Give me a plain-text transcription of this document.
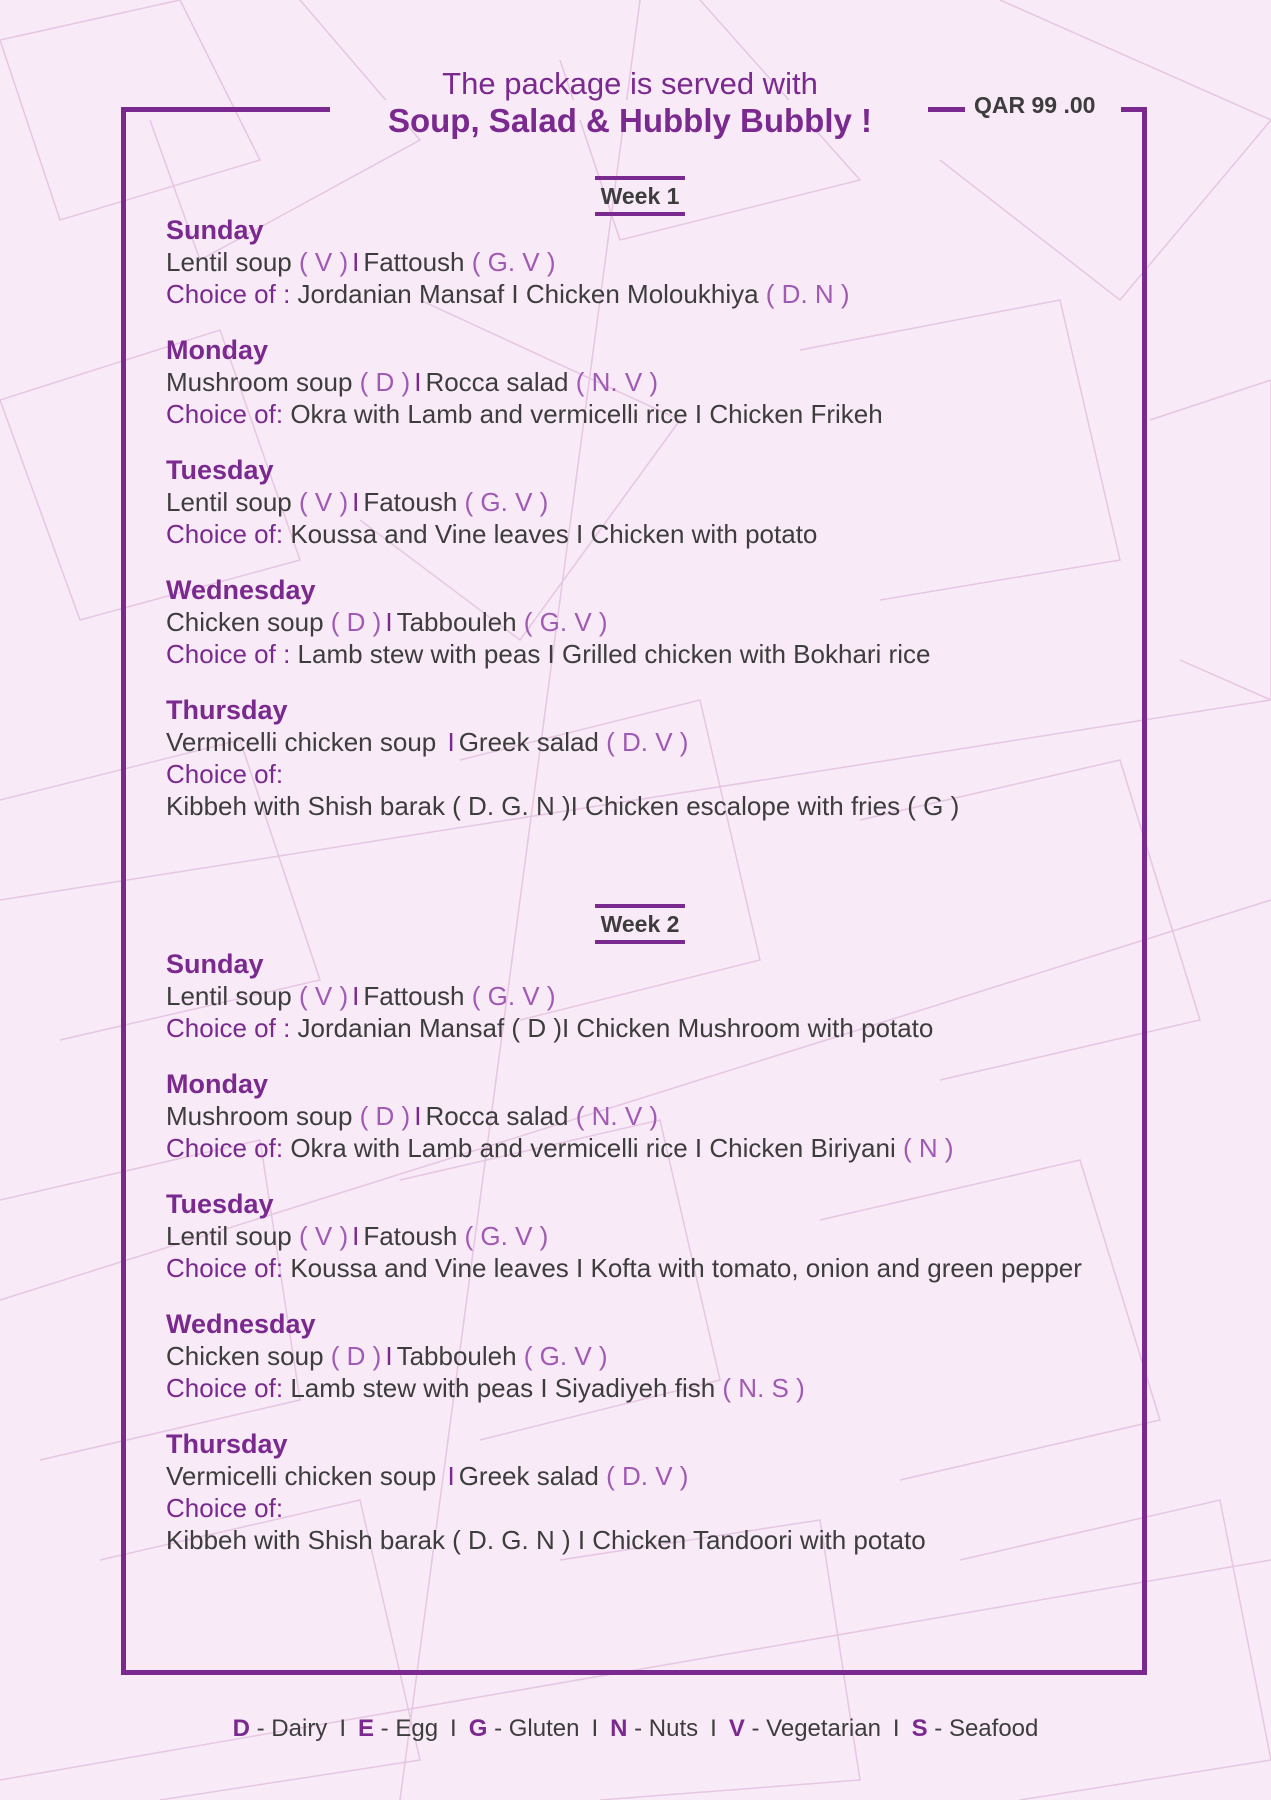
The package is served with
Soup, Salad & Hubbly Bubbly !	QAR 99 .00
Week 1
Sunday
Lentil soup ( V ) I Fattoush ( G. V )
Choice of : Jordanian Mansaf I Chicken Moloukhiya ( D. N )
Monday
Mushroom soup ( D ) I Rocca salad ( N. V )
Choice of: Okra with Lamb and vermicelli rice I Chicken Frikeh
Tuesday
Lentil soup ( V ) I Fatoush ( G. V )
Choice of: Koussa and Vine leaves I Chicken with potato
Wednesday
Chicken soup ( D ) I Tabbouleh ( G. V )
Choice of : Lamb stew with peas I Grilled chicken with Bokhari rice
Thursday
Vermicelli chicken soup I Greek salad ( D. V )
Choice of:
Kibbeh with Shish barak ( D. G. N )I Chicken escalope with fries ( G )
Week 2
Sunday
Lentil soup ( V ) I Fattoush ( G. V )
Choice of : Jordanian Mansaf ( D )I Chicken Mushroom with potato
Monday
Mushroom soup ( D ) I Rocca salad ( N. V )
Choice of: Okra with Lamb and vermicelli rice I Chicken Biriyani ( N )
Tuesday
Lentil soup ( V ) I Fatoush ( G. V )
Choice of: Koussa and Vine leaves I Kofta with tomato, onion and green pepper
Wednesday
Chicken soup ( D ) I Tabbouleh ( G. V )
Choice of: Lamb stew with peas I Siyadiyeh fish ( N. S )
Thursday
Vermicelli chicken soup I Greek salad ( D. V )
Choice of:
Kibbeh with Shish barak ( D. G. N ) I Chicken Tandoori with potato
D - Dairy I E - Egg I G - Gluten I N - Nuts I V - Vegetarian I S - Seafood
